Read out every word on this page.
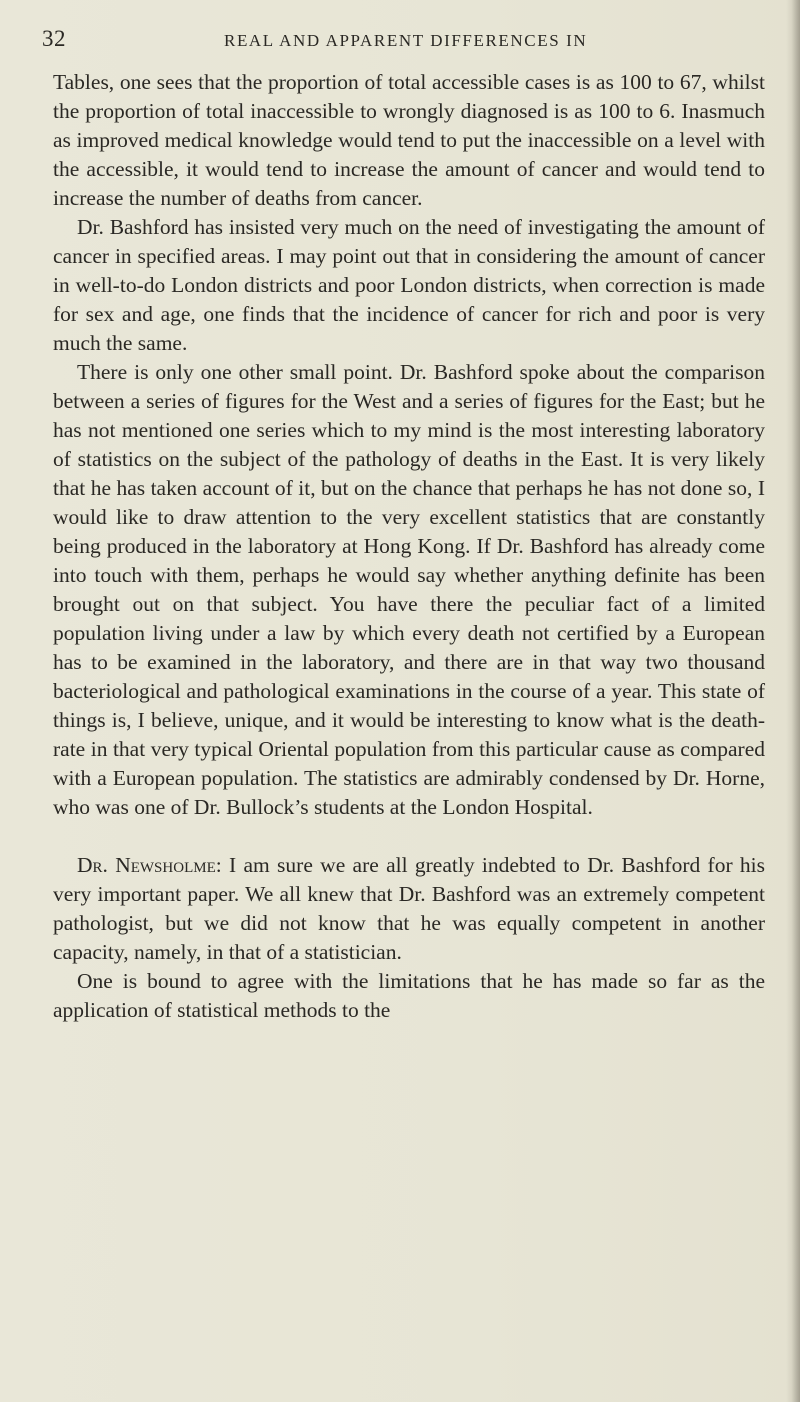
32	REAL AND APPARENT DIFFERENCES IN

Tables, one sees that the proportion of total accessible cases is as 100 to 67, whilst the proportion of total inaccessible to wrongly diagnosed is as 100 to 6. Inasmuch as improved medical knowledge would tend to put the inaccessible on a level with the accessible, it would tend to increase the amount of cancer and would tend to increase the number of deaths from cancer.

Dr. Bashford has insisted very much on the need of investigating the amount of cancer in specified areas. I may point out that in considering the amount of cancer in well-to-do London districts and poor London districts, when correction is made for sex and age, one finds that the incidence of cancer for rich and poor is very much the same.

There is only one other small point. Dr. Bashford spoke about the comparison between a series of figures for the West and a series of figures for the East; but he has not mentioned one series which to my mind is the most interesting laboratory of statistics on the subject of the pathology of deaths in the East. It is very likely that he has taken account of it, but on the chance that perhaps he has not done so, I would like to draw attention to the very excellent statistics that are constantly being produced in the laboratory at Hong Kong. If Dr. Bashford has already come into touch with them, perhaps he would say whether anything definite has been brought out on that subject. You have there the peculiar fact of a limited population living under a law by which every death not certified by a European has to be examined in the laboratory, and there are in that way two thousand bacteriological and pathological examinations in the course of a year. This state of things is, I believe, unique, and it would be interesting to know what is the death-rate in that very typical Oriental population from this particular cause as compared with a European population. The statistics are admirably condensed by Dr. Horne, who was one of Dr. Bullock’s students at the London Hospital.

Dr. Newsholme: I am sure we are all greatly indebted to Dr. Bashford for his very important paper. We all knew that Dr. Bashford was an extremely competent pathologist, but we did not know that he was equally competent in another capacity, namely, in that of a statistician.

One is bound to agree with the limitations that he has made so far as the application of statistical methods to the
